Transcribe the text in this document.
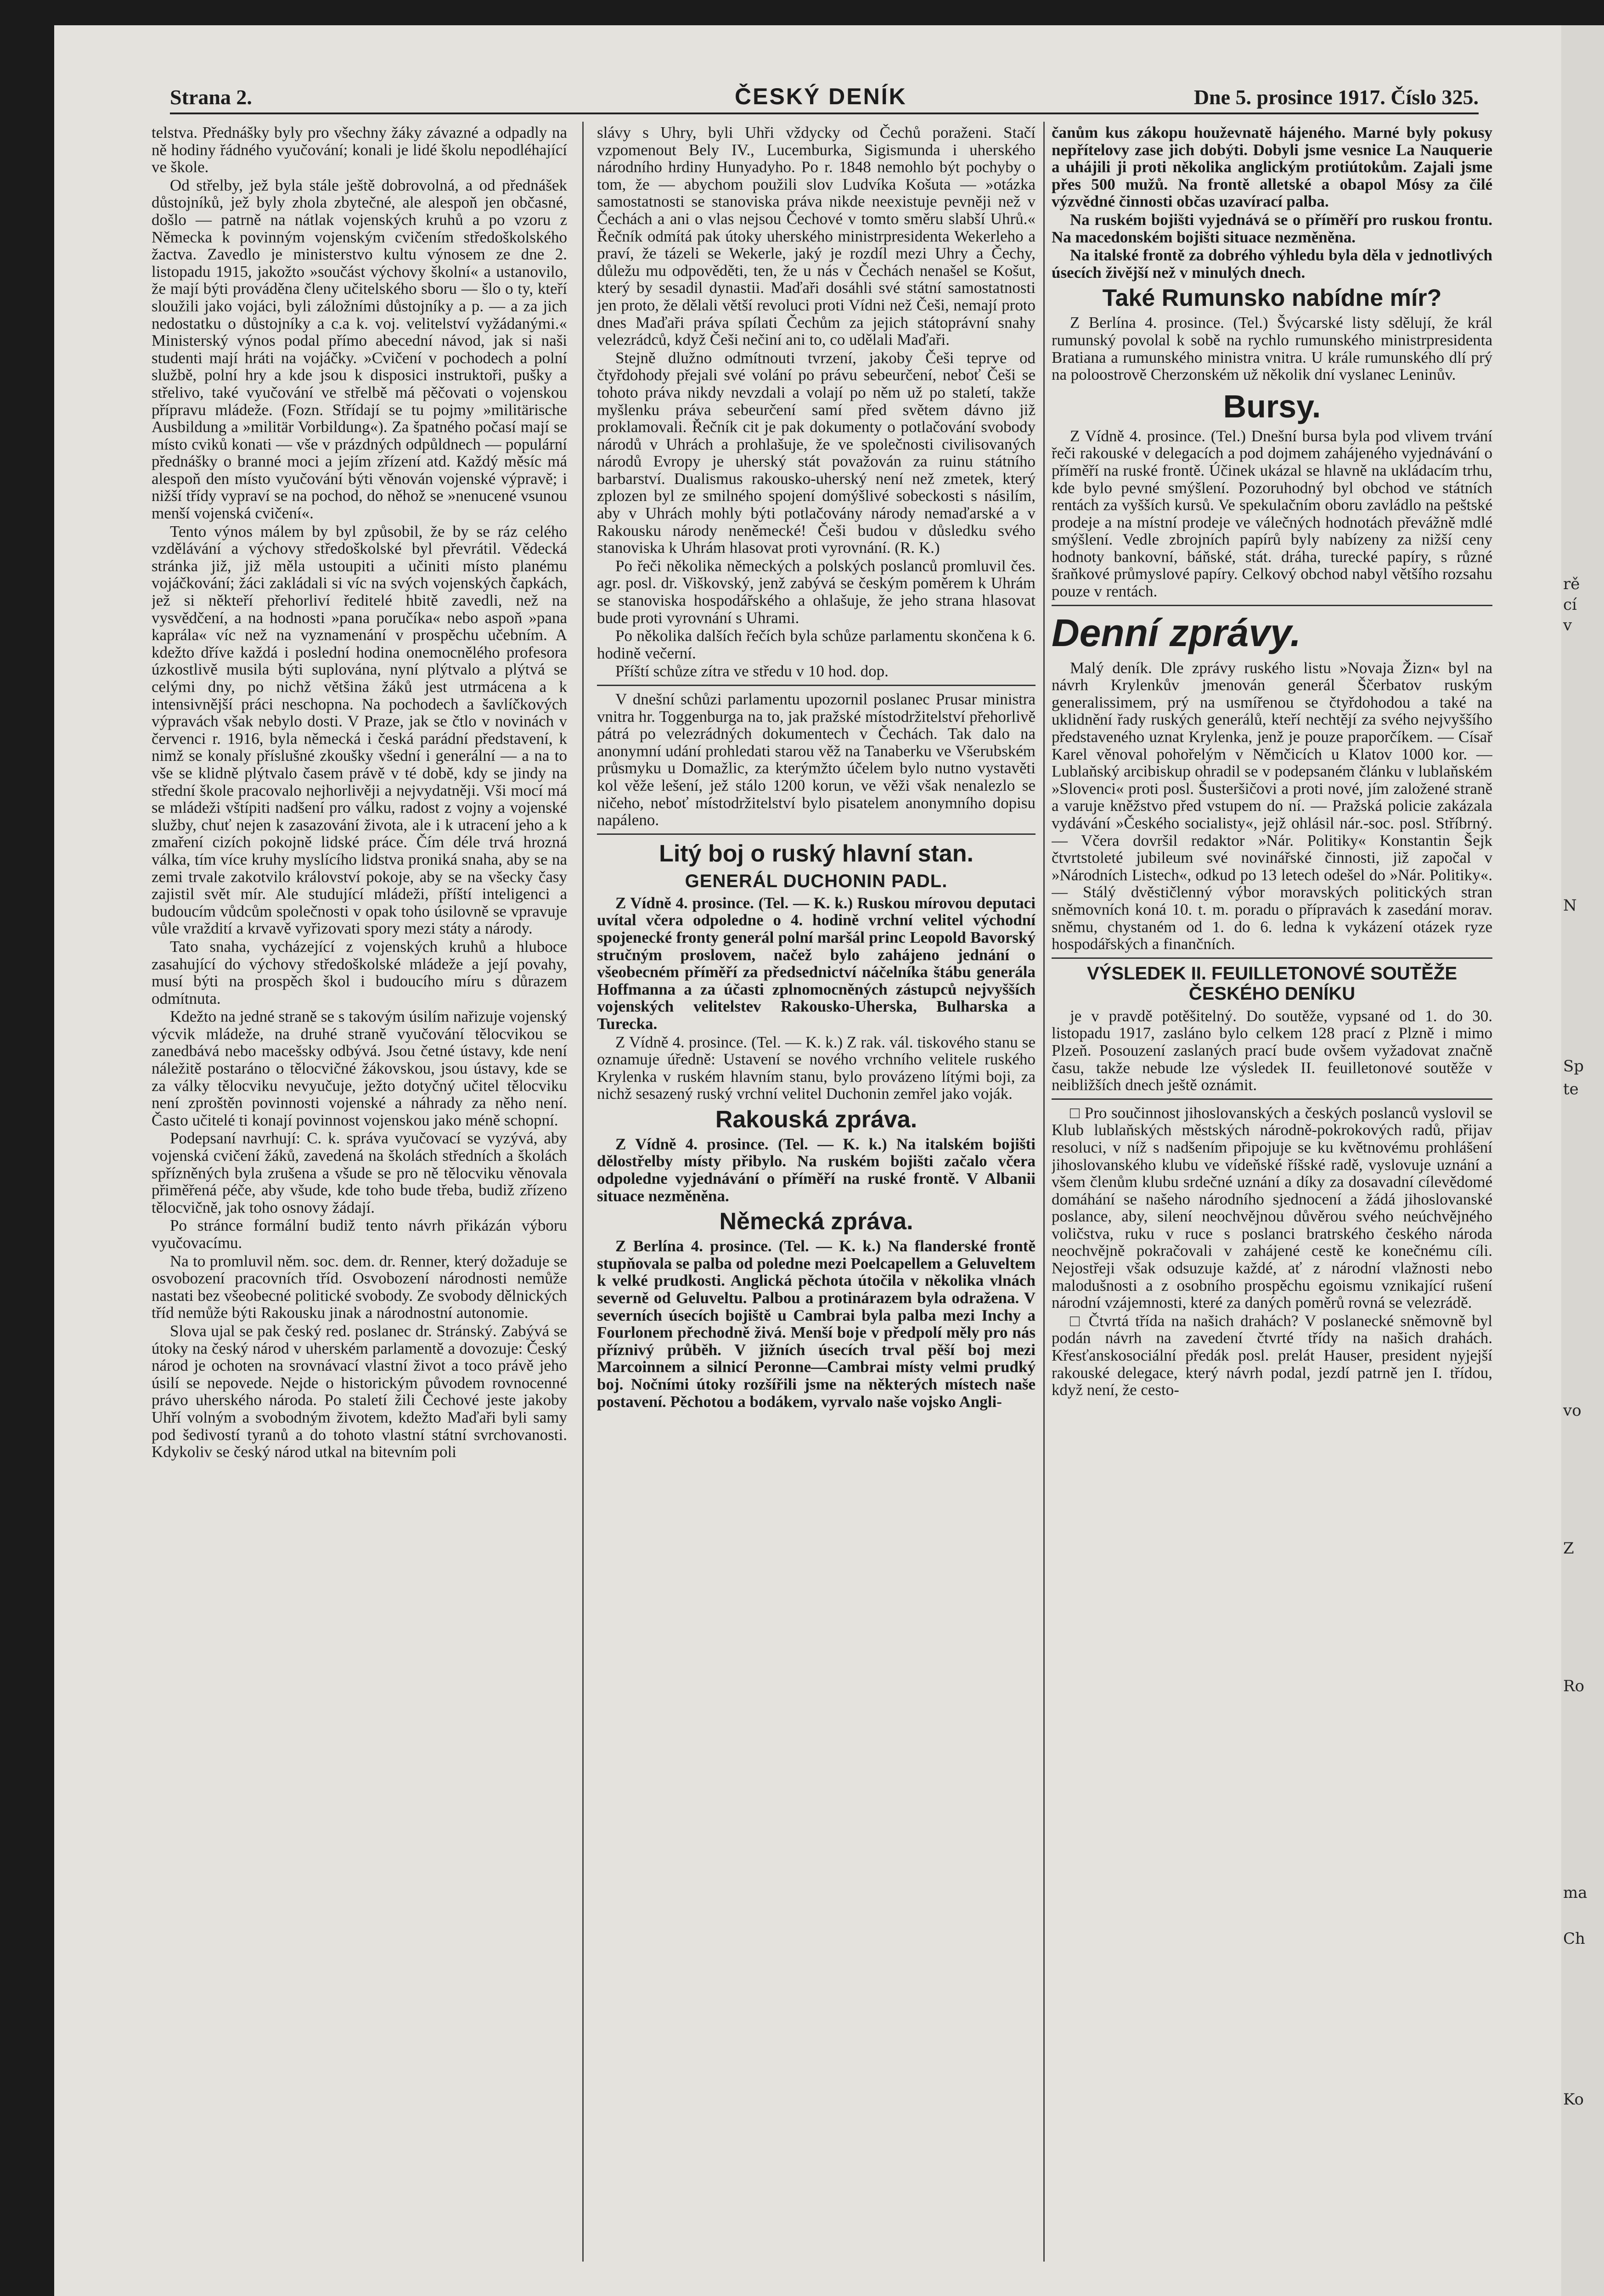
rě
cí
v
N
Sp
te
vo
Z
Ro
ma
Ch
Ko
Strana 2.	ČESKÝ DENÍK	Dne 5. prosince 1917. Číslo 325.

telstva. Přednášky byly pro všechny žáky závazné a odpadly na ně hodiny řádného vyučování; konali je lidé školu nepodléhající ve škole.

Od střelby, jež byla stále ještě dobrovolná, a od přednášek důstojníků, jež byly zhola zbytečné, ale alespoň jen občasné, došlo — patrně na nátlak vojenských kruhů a po vzoru z Německa k povinným vojenským cvičením středoškolského žactva. Zavedlo je ministerstvo kultu výnosem ze dne 2. listopadu 1915, jakožto »součást výchovy školní« a ustanovilo, že mají býti prováděna členy učitelského sboru — šlo o ty, kteří sloužili jako vojáci, byli záložními důstojníky a p. — a za jich nedostatku o důstojníky a c.a k. voj. velitelství vyžádanými.« Ministerský výnos podal přímo abecední návod, jak si naši studenti mají hráti na vojáčky. »Cvičení v pochodech a polní službě, polní hry a kde jsou k disposici instruktoři, pušky a střelivo, také vyučování ve střelbě má pěčovati o vojenskou přípravu mládeže. (Fozn. Střídají se tu pojmy »militärische Ausbildung a »militär Vorbildung«). Za špatného počasí mají se místo cviků konati — vše v prázdných odpůldnech — populární přednášky o branné moci a jejím zřízení atd. Každý měsíc má alespoň den místo vyučování býti věnován vojenské výpravě; i nižší třídy vypraví se na pochod, do něhož se »nenucené vsunou menší vojenská cvičení«.

Tento výnos málem by byl způsobil, že by se ráz celého vzdělávání a výchovy středoškolské byl převrátil. Vědecká stránka již, již měla ustoupiti a učiniti místo planému vojáčkování; žáci zakládali si víc na svých vojenských čapkách, jež si někteří přehorliví ředitelé hbitě zavedli, než na vysvědčení, a na hodnosti »pana poručíka« nebo aspoň »pana kaprála« víc než na vyznamenání v prospěchu učebním. A kdežto dříve každá i poslední hodina onemocnělého profesora úzkostlivě musila býti suplována, nyní plýtvalo a plýtvá se celými dny, po nichž většina žáků jest utrmácena a k intensivnější práci neschopna. Na pochodech a šavlíčkových výpravách však nebylo dosti. V Praze, jak se čtlo v novinách v červenci r. 1916, byla německá i česká parádní představení, k nimž se konaly příslušné zkoušky všední i generální — a na to vše se klidně plýtvalo časem právě v té době, kdy se jindy na střední škole pracovalo nejhorlivěji a nejvydatněji. Vši mocí má se mládeži vštípiti nadšení pro válku, radost z vojny a vojenské služby, chuť nejen k zasazování života, ale i k utracení jeho a k zmaření cizích pokojně lidské práce. Čím déle trvá hrozná válka, tím více kruhy myslícího lidstva proniká snaha, aby se na zemi trvale zakotvilo království pokoje, aby se na všecky časy zajistil svět mír. Ale studující mládeži, příští inteligenci a budoucím vůdcům společnosti v opak toho úsilovně se vpravuje vůle vraždití a krvavě vyřizovati spory mezi státy a národy.

Tato snaha, vycházející z vojenských kruhů a hluboce zasahující do výchovy středoškolské mládeže a její povahy, musí býti na prospěch škol i budoucího míru s důrazem odmítnuta.

Kdežto na jedné straně se s takovým úsilím nařizuje vojenský výcvik mládeže, na druhé straně vyučování tělocvikou se zanedbává nebo macešsky odbývá. Jsou četné ústavy, kde není náležitě postaráno o tělocvičné žákovskou, jsou ústavy, kde se za války tělocviku nevyučuje, ježto dotyčný učitel tělocviku není zproštěn povinnosti vojenské a náhrady za něho není. Často učitelé ti konají povinnost vojenskou jako méně schopní.

Podepsaní navrhují: C. k. správa vyučovací se vyzývá, aby vojenská cvičení žáků, zavedená na školách středních a školách spřízněných byla zrušena a všude se pro ně tělocviku věnovala přiměřená péče, aby všude, kde toho bude třeba, budiž zřízeno tělocvičně, jak toho osnovy žádají.

Po stránce formální budiž tento návrh přikázán výboru vyučovacímu.

Na to promluvil něm. soc. dem. dr. Renner, který dožaduje se osvobození pracovních tříd. Osvobození národnosti nemůže nastati bez všeobecné politické svobody. Ze svobody dělnických tříd nemůže býti Rakousku jinak a národnostní autonomie.

Slova ujal se pak český red. poslanec dr. Stránský. Zabývá se útoky na český národ v uherském parlamentě a dovozuje: Český národ je ochoten na srovnávací vlastní život a toco právě jeho úsilí se nepovede. Nejde o historickým původem rovnocenné právo uherského národa. Po staletí žili Čechové jeste jakoby Uhří volným a svobodným životem, kdežto Maďaři byli samy pod šedivostí tyranů a do tohoto vlastní státní svrchovanosti. Kdykoliv se český národ utkal na bitevním poli

slávy s Uhry, byli Uhři vždycky od Čechů poraženi. Stačí vzpomenout Bely IV., Lucemburka, Sigismunda i uherského národního hrdiny Hunyadyho. Po r. 1848 nemohlo být pochyby o tom, že — abychom použili slov Ludvíka Košuta — »otázka samostatnosti se stanoviska práva nikde neexistuje pevněji než v Čechách a ani o vlas nejsou Čechové v tomto směru slabší Uhrů.« Řečník odmítá pak útoky uherského ministrpresidenta Wekerleho a praví, že tázeli se Wekerle, jaký je rozdíl mezi Uhry a Čechy, důležu mu odpověděti, ten, že u nás v Čechách nenašel se Košut, který by sesadil dynastii. Maďaři dosáhli své státní samostatnosti jen proto, že dělali větší revoluci proti Vídni než Češi, nemají proto dnes Maďaři práva spílati Čechům za jejich státoprávní snahy velezrádců, když Češi nečiní ani to, co udělali Maďaři.

Stejně dlužno odmítnouti tvrzení, jakoby Češi teprve od čtyřdohody přejali své volání po právu sebeurčení, neboť Češi se tohoto práva nikdy nevzdali a volají po něm už po staletí, takže myšlenku práva sebeurčení samí před světem dávno již proklamovali. Řečník cit je pak dokumenty o potlačování svobody národů v Uhrách a prohlašuje, že ve společnosti civilisovaných národů Evropy je uherský stát považován za ruinu státního barbarství. Dualismus rakousko-uherský není než zmetek, který zplozen byl ze smilného spojení domýšlivé sobeckosti s násilím, aby v Uhrách mohly býti potlačovány národy nemaďarské a v Rakousku národy neněmecké! Češi budou v důsledku svého stanoviska k Uhrám hlasovat proti vyrovnání. (R. K.)

Po řeči několika německých a polských poslanců promluvil čes. agr. posl. dr. Viškovský, jenž zabývá se českým poměrem k Uhrám se stanoviska hospodářského a ohlašuje, že jeho strana hlasovat bude proti vyrovnání s Uhrami.

Po několika dalších řečích byla schůze parlamentu skončena k 6. hodině večerní.

Příští schůze zítra ve středu v 10 hod. dop.

V dnešní schůzi parlamentu upozornil poslanec Prusar ministra vnitra hr. Toggenburga na to, jak pražské místodržitelství přehorlivě pátrá po velezrádných dokumentech v Čechách. Tak dalo na anonymní udání prohledati starou věž na Tanaberku ve Všerubském průsmyku u Domažlic, za kterýmžto účelem bylo nutno vystavěti kol věže lešení, jež stálo 1200 korun, ve věži však nenalezlo se ničeho, neboť místodržitelství bylo pisatelem anonymního dopisu napáleno.

Litý boj o ruský hlavní stan.
GENERÁL DUCHONIN PADL.

Z Vídně 4. prosince. (Tel. — K. k.) Ruskou mírovou deputaci uvítal včera odpoledne o 4. hodině vrchní velitel východní spojenecké fronty generál polní maršál princ Leopold Bavorský stručným proslovem, načež bylo zahájeno jednání o všeobecném příměří za předsednictví náčelníka štábu generála Hoffmanna a za účasti zplnomocněných zástupců nejvyšších vojenských velitelstev Rakousko-Uherska, Bulharska a Turecka.

Z Vídně 4. prosince. (Tel. — K. k.) Z rak. vál. tiskového stanu se oznamuje úředně: Ustavení se nového vrchního velitele ruského Krylenka v ruském hlavním stanu, bylo provázeno lítými boji, za nichž sesazený ruský vrchní velitel Duchonin zemřel jako voják.

Rakouská zpráva.

Z Vídně 4. prosince. (Tel. — K. k.) Na italském bojišti dělostřelby místy přibylo. Na ruském bojišti začalo včera odpoledne vyjednávání o příměří na ruské frontě. V Albanii situace nezměněna.

Německá zpráva.

Z Berlína 4. prosince. (Tel. — K. k.) Na flanderské frontě stupňovala se palba od poledne mezi Poelcapellem a Geluveltem k velké prudkosti. Anglická pěchota útočila v několika vlnách severně od Geluveltu. Palbou a protinárazem byla odražena. V severních úsecích bojiště u Cambrai byla palba mezi Inchy a Fourlonem přechodně živá. Menší boje v předpolí měly pro nás příznivý průběh. V jižních úsecích trval pěší boj mezi Marcoinnem a silnicí Peronne—Cambrai místy velmi prudký boj. Nočními útoky rozšířili jsme na některých místech naše postavení. Pěchotou a bodákem, vyrvalo naše vojsko Angli-

čanům kus zákopu houževnatě hájeného. Marné byly pokusy nepřítelovy zase jich dobýti. Dobyli jsme vesnice La Nauquerie a uhájili ji proti několika anglickým protiútokům. Zajali jsme přes 500 mužů. Na frontě alletské a obapol Mósy za čilé výzvědné činnosti občas uzavírací palba.

Na ruském bojišti vyjednává se o příměří pro ruskou frontu. Na macedonském bojišti situace nezměněna.

Na italské frontě za dobrého výhledu byla děla v jednotlivých úsecích živější než v minulých dnech.

Také Rumunsko nabídne mír?

Z Berlína 4. prosince. (Tel.) Švýcarské listy sdělují, že král rumunský povolal k sobě na rychlo rumunského ministrpresidenta Bratiana a rumunského ministra vnitra. U krále rumunského dlí prý na poloostrově Cherzonském už několik dní vyslanec Leninův.

Bursy.

Z Vídně 4. prosince. (Tel.) Dnešní bursa byla pod vlivem trvání řeči rakouské v delegacích a pod dojmem zahájeného vyjednávání o příměří na ruské frontě. Účinek ukázal se hlavně na ukládacím trhu, kde bylo pevné smýšlení. Pozoruhodný byl obchod ve státních rentách za vyšších kursů. Ve spekulačním oboru zavládlo na peštské prodeje a na místní prodeje ve válečných hodnotách převážně mdlé smýšlení. Vedle zbrojních papírů byly nabízeny za nižší ceny hodnoty bankovní, báňské, stát. dráha, turecké papíry, s různé šraňkové průmyslové papíry. Celkový obchod nabyl většího rozsahu pouze v rentách.

Denní zprávy.

Malý deník. Dle zprávy ruského listu »Novaja Žizn« byl na návrh Krylenkův jmenován generál Ščerbatov ruským generalissimem, prý na usmířenou se čtyřdohodou a také na uklidnění řady ruských generálů, kteří nechtějí za svého nejvyššího představeného uznat Krylenka, jenž je pouze praporčíkem. — Císař Karel věnoval pohořelým v Němčicích u Klatov 1000 kor. — Lublaňský arcibiskup ohradil se v podepsaném článku v lublaňském »Slovenci« proti posl. Šusteršičovi a proti nové, jím založené straně a varuje kněžstvo před vstupem do ní. — Pražská policie zakázala vydávání »Českého socialisty«, jejž ohlásil nár.-soc. posl. Stříbrný. — Včera dovršil redaktor »Nár. Politiky« Konstantin Šejk čtvrtstoleté jubileum své novinářské činnosti, již započal v »Národních Listech«, odkud po 13 letech odešel do »Nár. Politiky«. — Stálý dvěstičlenný výbor moravských politických stran sněmovních koná 10. t. m. poradu o přípravách k zasedání morav. sněmu, chystaném od 1. do 6. ledna k vykázení otázek ryze hospodářských a finančních.

VÝSLEDEK II. FEUILLETONOVÉ SOUTĚŽE ČESKÉHO DENÍKU

je v pravdě potěšitelný. Do soutěže, vypsané od 1. do 30. listopadu 1917, zasláno bylo celkem 128 prací z Plzně i mimo Plzeň. Posouzení zaslaných prací bude ovšem vyžadovat značně času, takže nebude lze výsledek II. feuilletonové soutěže v neibližších dnech ještě oznámit.

□ Pro součinnost jihoslovanských a českých poslanců vyslovil se Klub lublaňských městských národně-pokrokových radů, přijav resoluci, v níž s nadšením připojuje se ku květnovému prohlášení jihoslovanského klubu ve vídeňské říšské radě, vyslovuje uznání a všem členům klubu srdečné uznání a díky za dosavadní cílevědomé domáhání se našeho národního sjednocení a žádá jihoslovanské poslance, aby, silení neochvějnou důvěrou svého neúchvějného voličstva, ruku v ruce s poslanci bratrského českého národa neochvějně pokračovali v zahájené cestě ke konečnému cíli. Nejostřeji však odsuzuje každé, ať z národní vlažnosti nebo malodušnosti a z osobního prospěchu egoismu vznikající rušení národní vzájemnosti, které za daných poměrů rovná se velezrádě.

□ Čtvrtá třída na našich drahách? V poslanecké sněmovně byl podán návrh na zavedení čtvrté třídy na našich drahách. Křesťanskosociální předák posl. prelát Hauser, president nyjejší rakouské delegace, který návrh podal, jezdí patrně jen I. třídou, když není, že cesto-
